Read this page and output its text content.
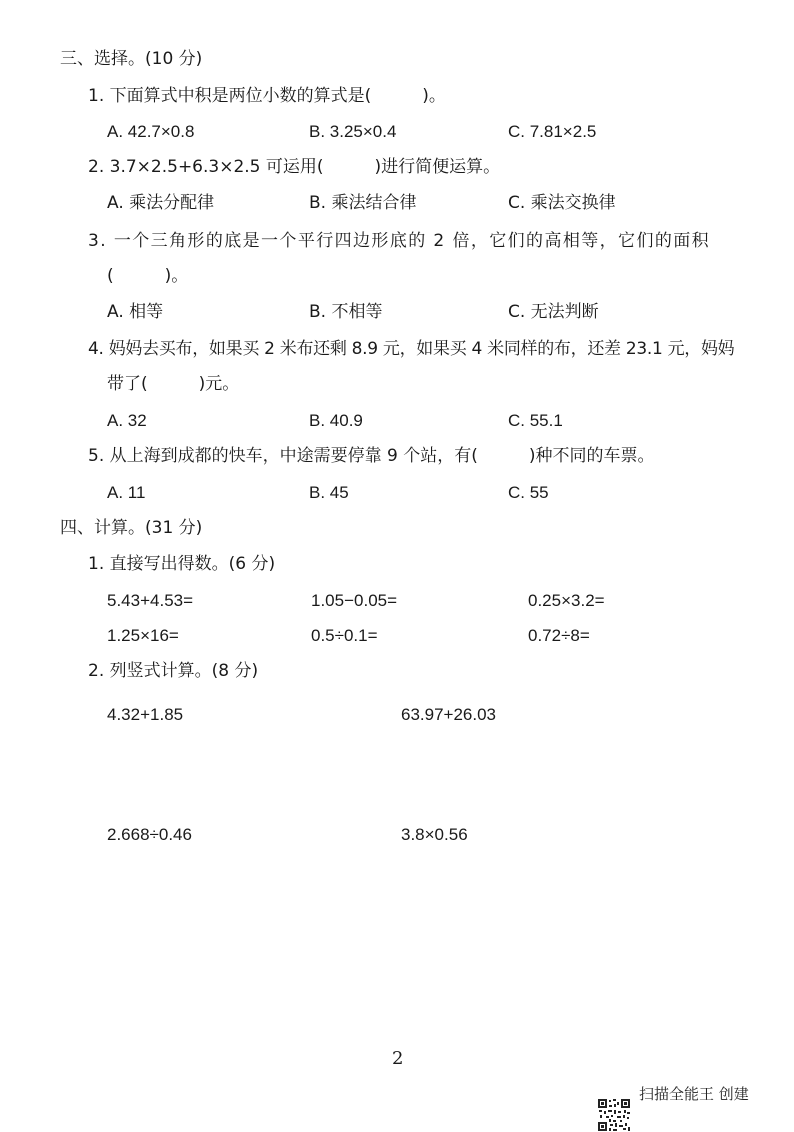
三、选择。(10 分)
1. 下面算式中积是两位小数的算式是(　　　)。
A. 42.7×0.8	B. 3.25×0.4	C. 7.81×2.5
2. 3.7×2.5+6.3×2.5 可运用(　　　)进行简便运算。
A. 乘法分配律	B. 乘法结合律	C. 乘法交换律
3. 一个三角形的底是一个平行四边形底的 2 倍，它们的高相等，它们的面积
(　　　)。
A. 相等	B. 不相等	C. 无法判断
4. 妈妈去买布，如果买 2 米布还剩 8.9 元，如果买 4 米同样的布，还差 23.1 元，妈妈
带了(　　　)元。
A. 32	B. 40.9	C. 55.1
5. 从上海到成都的快车，中途需要停靠 9 个站，有(　　　)种不同的车票。
A. 11	B. 45	C. 55
四、计算。(31 分)
1. 直接写出得数。(6 分)
5.43+4.53=	1.05−0.05=	0.25×3.2=
1.25×16=	0.5÷0.1=	0.72÷8=
2. 列竖式计算。(8 分)
4.32+1.85	63.97+26.03
2.668÷0.46	3.8×0.56
2
扫描全能王 创建
